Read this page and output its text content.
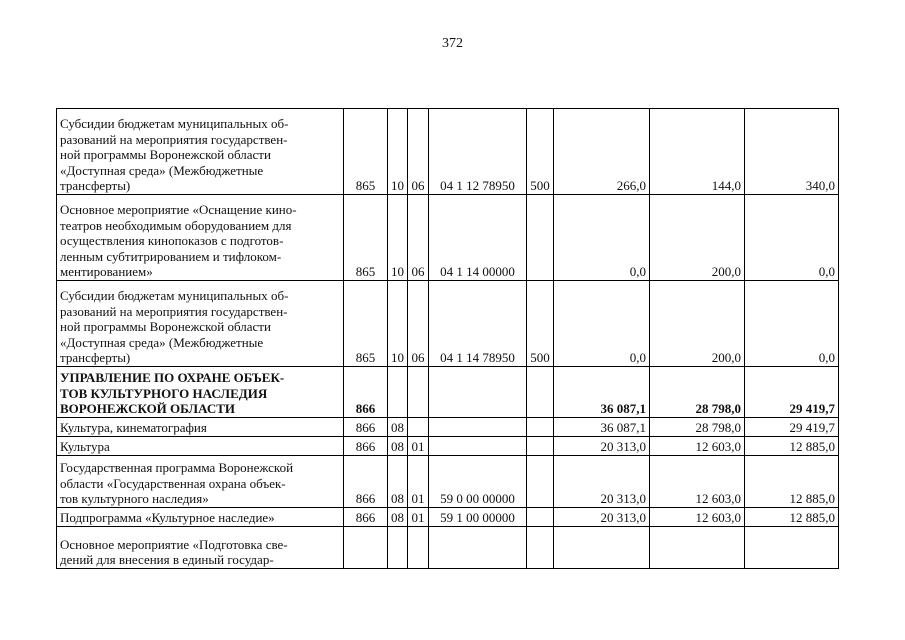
372
Субсидии бюджетам муниципальных об-
разований на мероприятия государствен-
ной программы Воронежской области
«Доступная среда» (Межбюджетные
трансферты)	865	10	06	04 1 12 78950	500	266,0	144,0	340,0

Основное мероприятие «Оснащение кино-
театров необходимым оборудованием для
осуществления кинопоказов с подготов-
ленным субтитрированием и тифлоком-
ментированием»	865	10	06	04 1 14 00000		0,0	200,0	0,0

Субсидии бюджетам муниципальных об-
разований на мероприятия государствен-
ной программы Воронежской области
«Доступная среда» (Межбюджетные
трансферты)	865	10	06	04 1 14 78950	500	0,0	200,0	0,0

УПРАВЛЕНИЕ ПО ОХРАНЕ ОБЪЕК-
ТОВ КУЛЬТУРНОГО НАСЛЕДИЯ
ВОРОНЕЖСКОЙ ОБЛАСТИ	866					36 087,1	28 798,0	29 419,7

Культура, кинематография	866	08				36 087,1	28 798,0	29 419,7

Культура	866	08	01			20 313,0	12 603,0	12 885,0

Государственная программа Воронежской
области «Государственная охрана объек-
тов культурного наследия»	866	08	01	59 0 00 00000		20 313,0	12 603,0	12 885,0

Подпрограмма «Культурное наследие»	866	08	01	59 1 00 00000		20 313,0	12 603,0	12 885,0

Основное мероприятие «Подготовка све-
дений для внесения в единый государ-								
